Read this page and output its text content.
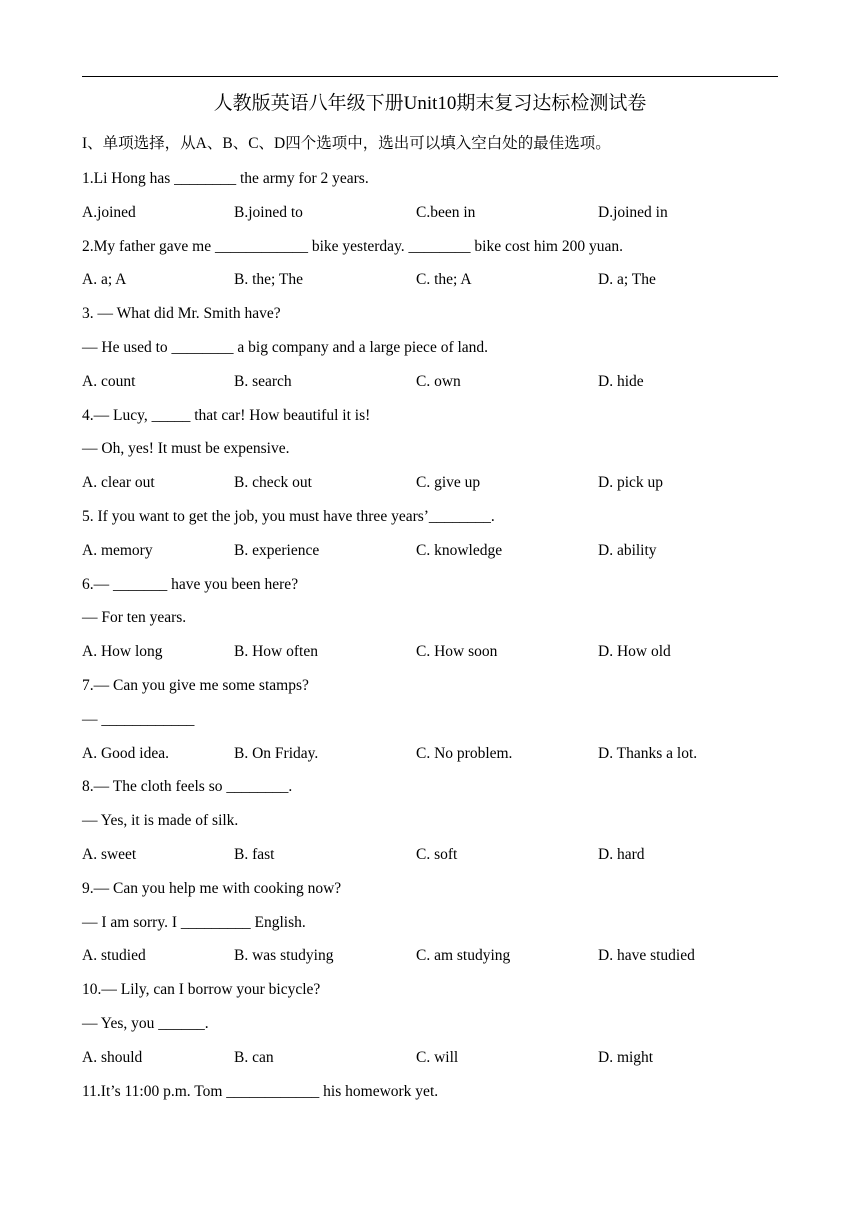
人教版英语八年级下册Unit10期末复习达标检测试卷
I、单项选择，从A、B、C、D四个选项中，选出可以填入空白处的最佳选项。
1.Li Hong has ________ the army for 2 years.
A.joined	B.joined to	C.been in	D.joined in
2.My father gave me ____________ bike yesterday. ________ bike cost him 200 yuan.
A. a; A	B. the; The	C. the; A	D. a; The
3. — What did Mr. Smith have?
— He used to ________ a big company and a large piece of land.
A. count	B. search	C. own	D. hide
4.— Lucy, _____ that car! How beautiful it is!
— Oh, yes! It must be expensive.
A. clear out	B. check out	C. give up	D. pick up
5. If you want to get the job, you must have three years’________.
A. memory	B. experience	C. knowledge	D. ability
6.— _______ have you been here?
— For ten years.
A. How long	B. How often	C. How soon	D. How old
7.— Can you give me some stamps?
— ____________
A. Good idea.	B. On Friday.	C. No problem.	D. Thanks a lot.
8.— The cloth feels so ________.
— Yes, it is made of silk.
A. sweet	B. fast	C. soft	D. hard
9.— Can you help me with cooking now?
— I am sorry. I _________ English.
A. studied	B. was studying	C. am studying	D. have studied
10.— Lily, can I borrow your bicycle?
— Yes, you ______.
A. should	B. can	C. will	D. might
11.It’s 11:00 p.m. Tom ____________ his homework yet.
